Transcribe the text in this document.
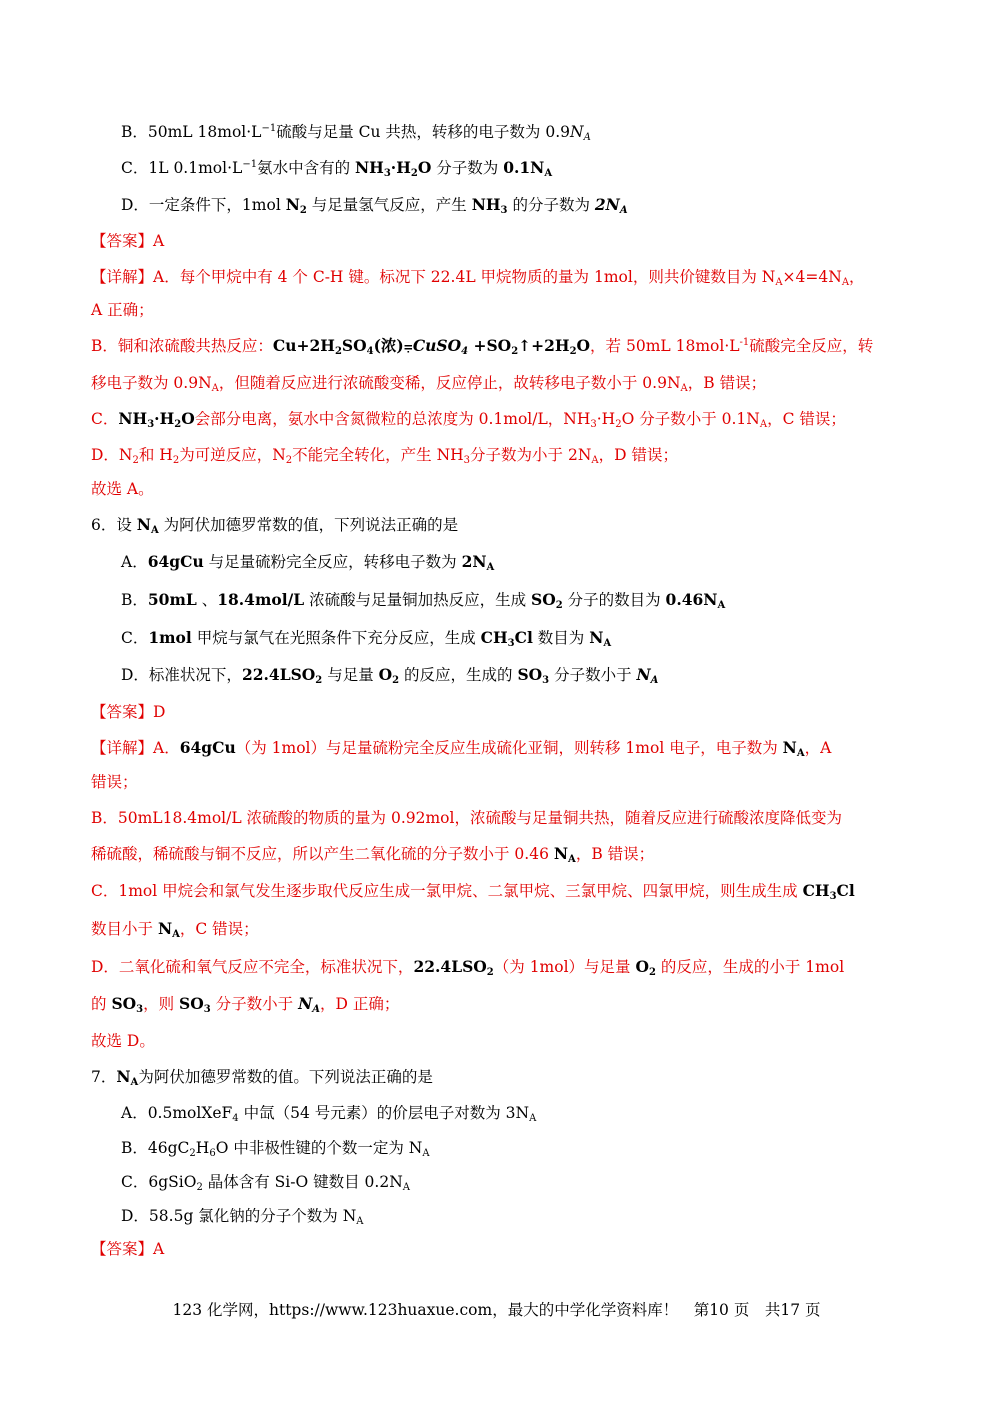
B．50mL $18mol\cdot L^{-1}$硫酸与足量 Cu 共热，转移的电子数为 $0.9N_A$
C．1L $0.1mol\cdot L^{-1}$氨水中含有的 $NH_3\cdot H_2O$ 分子数为 $0.1N_A$
D．一定条件下，1mol $N_2$ 与足量氢气反应，产生 $NH_3$ 的分子数为 $2N_A$
【答案】A
【详解】A．每个甲烷中有 4 个 C-H 键。标况下 22.4L 甲烷物质的量为 1mol，则共价键数目为 $N_A\times 4=4N_A$，
A 正确；
B．铜和浓硫酸共热反应：$Cu+2H_2SO_4$(浓)⩦CuSO$_4$ $+SO_2↑+2H_2O$，若 50mL $18mol\cdot L^{-1}$硫酸完全反应，转
移电子数为 $0.9N_A$，但随着反应进行浓硫酸变稀，反应停止，故转移电子数小于 $0.9N_A$，B 错误；
C．$NH_3\cdot H_2O$会部分电离，氨水中含氮微粒的总浓度为 0.1mol/L，$NH_3\cdot H_2O$ 分子数小于 $0.1N_A$，C 错误；
D．$N_2$和 $H_2$为可逆反应，$N_2$不能完全转化，产生 $NH_3$分子数为小于 $2N_A$，D 错误；
故选 A。
6．设 $N_A$ 为阿伏加德罗常数的值，下列说法正确的是
A．64gCu 与足量硫粉完全反应，转移电子数为 $2N_A$
B．50mL 、18.4mol/L 浓硫酸与足量铜加热反应，生成 $SO_2$ 分子的数目为 $0.46N_A$
C．1mol 甲烷与氯气在光照条件下充分反应，生成 $CH_3Cl$ 数目为 $N_A$
D．标准状况下，$22.4LSO_2$ 与足量 $O_2$ 的反应，生成的 $SO_3$ 分子数小于 $N_A$
【答案】D
【详解】A．64gCu（为 1mol）与足量硫粉完全反应生成硫化亚铜，则转移 1mol 电子，电子数为 $N_A$，A
错误；
B．50mL18.4mol/L 浓硫酸的物质的量为 0.92mol，浓硫酸与足量铜共热，随着反应进行硫酸浓度降低变为
稀硫酸，稀硫酸与铜不反应，所以产生二氧化硫的分子数小于 0.46 $N_A$，B 错误；
C．1mol 甲烷会和氯气发生逐步取代反应生成一氯甲烷、二氯甲烷、三氯甲烷、四氯甲烷，则生成生成 $CH_3Cl$
数目小于 $N_A$，C 错误；
D．二氧化硫和氧气反应不完全，标准状况下，$22.4LSO_2$（为 1mol）与足量 $O_2$ 的反应，生成的小于 1mol
的 $SO_3$，则 $SO_3$ 分子数小于 $N_A$，D 正确；
故选 D。
7．$N_A$为阿伏加德罗常数的值。下列说法正确的是
A．0.5molXeF$_4$ 中氙（54 号元素）的价层电子对数为 $3N_A$
B．$46gC_2H_6O$ 中非极性键的个数一定为 $N_A$
C．6gSiO$_2$ 晶体含有 Si-O 键数目 $0.2N_A$
D．58.5g 氯化钠的分子个数为 $N_A$
【答案】A
123 化学网，https://www.123huaxue.com，最大的中学化学资料库！　第10 页　共17 页
